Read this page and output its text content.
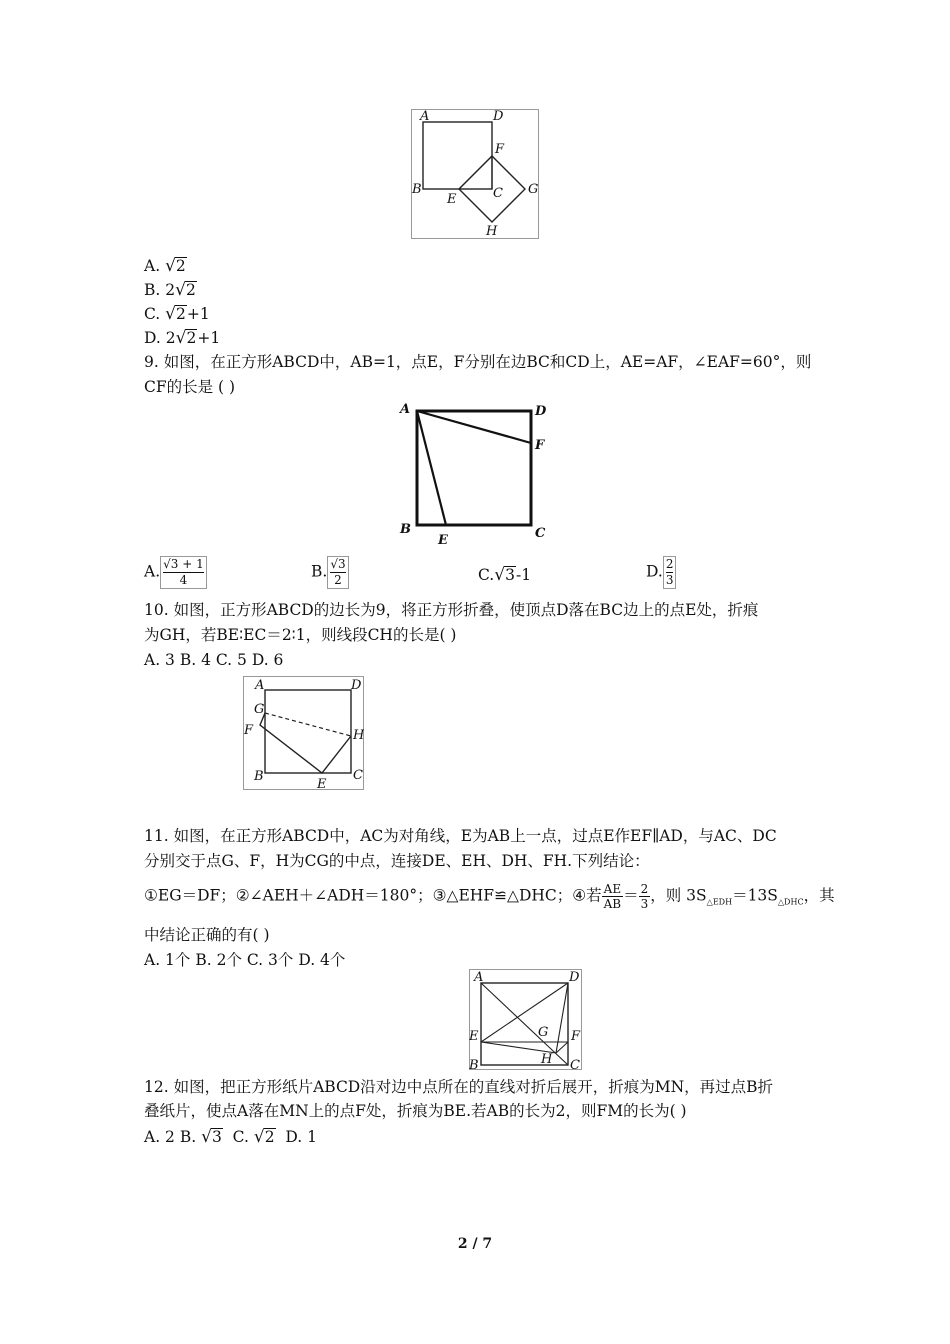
A	D
F
B	C G
E
H
A. √2
B. 2√2
C. √2+1
D. 2√2+1
9. 如图，在正方形ABCD中，AB=1，点E，F分别在边BC和CD上，AE=AF，∠EAF=60°，则
CF的长是 ( )
A	D
F
B	C
E
A. $\frac{√3 + 1}{4}$	B. $\frac{√3}{2}$	C.√3-1	D. $\frac{2}{3}$
10. 如图，正方形ABCD的边长为9，将正方形折叠，使顶点D落在BC边上的点E处，折痕
为GH，若BE∶EC＝2∶1，则线段CH的长是( )
A. 3 B. 4 C. 5 D. 6
A	D
G
F	H
B	C
E
11. 如图，在正方形ABCD中，AC为对角线，E为AB上一点，过点E作EF∥AD，与AC、DC
分别交于点G、F，H为CG的中点，连接DE、EH、DH、FH.下列结论：
①EG＝DF；②∠AEH＋∠ADH＝180°；③△EHF≌△DHC；④若 $\frac{AE}{AB} = \frac{2}{3}$ ，则 $3S_{\triangle EDH}=13S_{\triangle DHC}$，其
中结论正确的有( )
A. 1个 B. 2个 C. 3个 D. 4个
A	D
E	G F
H
B	C
12. 如图，把正方形纸片ABCD沿对边中点所在的直线对折后展开，折痕为MN，再过点B折
叠纸片，使点A落在MN上的点F处，折痕为BE.若AB的长为2，则FM的长为( )
A. 2 B. √3 C. √2 D. 1
2 / 7
